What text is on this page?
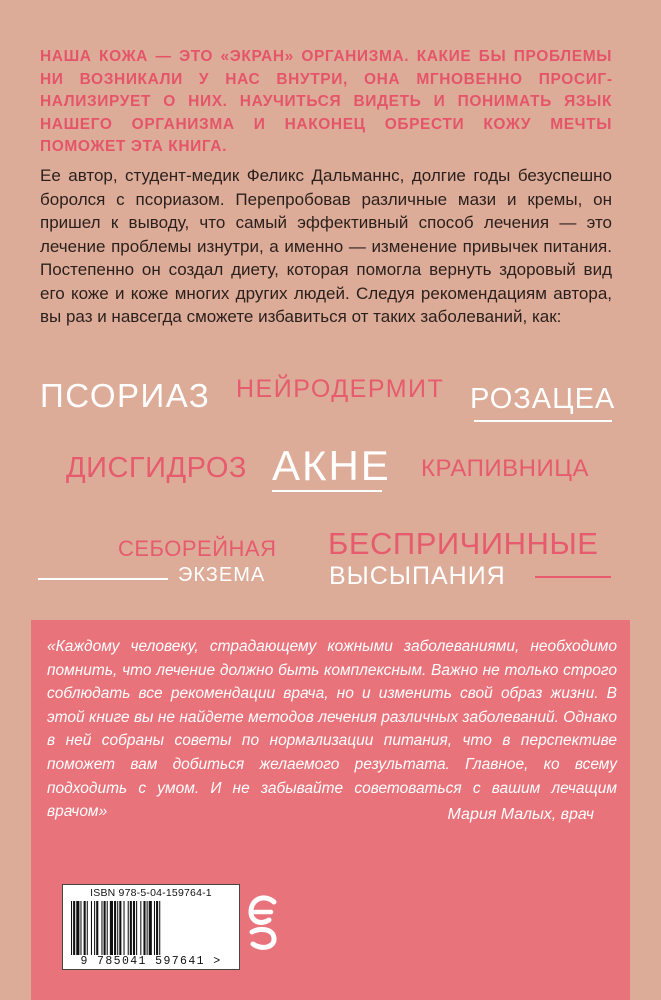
НАША КОЖА — ЭТО «ЭКРАН» ОРГАНИЗМА. КАКИЕ БЫ ПРОБЛЕМЫ НИ ВОЗНИКАЛИ У НАС ВНУТРИ, ОНА МГНОВЕННО ПРОСИГНАЛИЗИРУЕТ О НИХ. НАУЧИТЬСЯ ВИДЕТЬ И ПОНИМАТЬ ЯЗЫК НАШЕГО ОРГАНИЗМА И НАКОНЕЦ ОБРЕСТИ КОЖУ МЕЧТЫ ПОМОЖЕТ ЭТА КНИГА.
Ее автор, студент-медик Феликс Дальманнс, долгие годы безуспешно боролся с псориазом. Перепробовав различные мази и кремы, он пришел к выводу, что самый эффективный способ лечения — это лечение проблемы изнутри, а именно — изменение привычек питания. Постепенно он создал диету, которая помогла вернуть здоровый вид его коже и коже многих других людей. Следуя рекомендациям автора, вы раз и навсегда сможете избавиться от таких заболеваний, как:
ПСОРИАЗ НЕЙРОДЕРМИТ РОЗАЦЕА
ДИСГИДРОЗ АКНЕ КРАПИВНИЦА
СЕБОРЕЙНАЯ
ЭКЗЕМА
БЕСПРИЧИННЫЕ
ВЫСЫПАНИЯ
«Каждому человеку, страдающему кожными заболеваниями, необходимо помнить, что лечение должно быть комплексным. Важно не только строго соблюдать все рекомендации врача, но и изменить свой образ жизни. В этой книге вы не найдете методов лечения различных заболеваний. Однако в ней собраны советы по нормализации питания, что в перспективе поможет вам добиться желаемого результата. Главное, ко всему подходить с умом. И не забывайте советоваться с вашим лечащим врачом»	Мария Малых, врач
ISBN 978-5-04-159764-1
9 785041 597641 >
